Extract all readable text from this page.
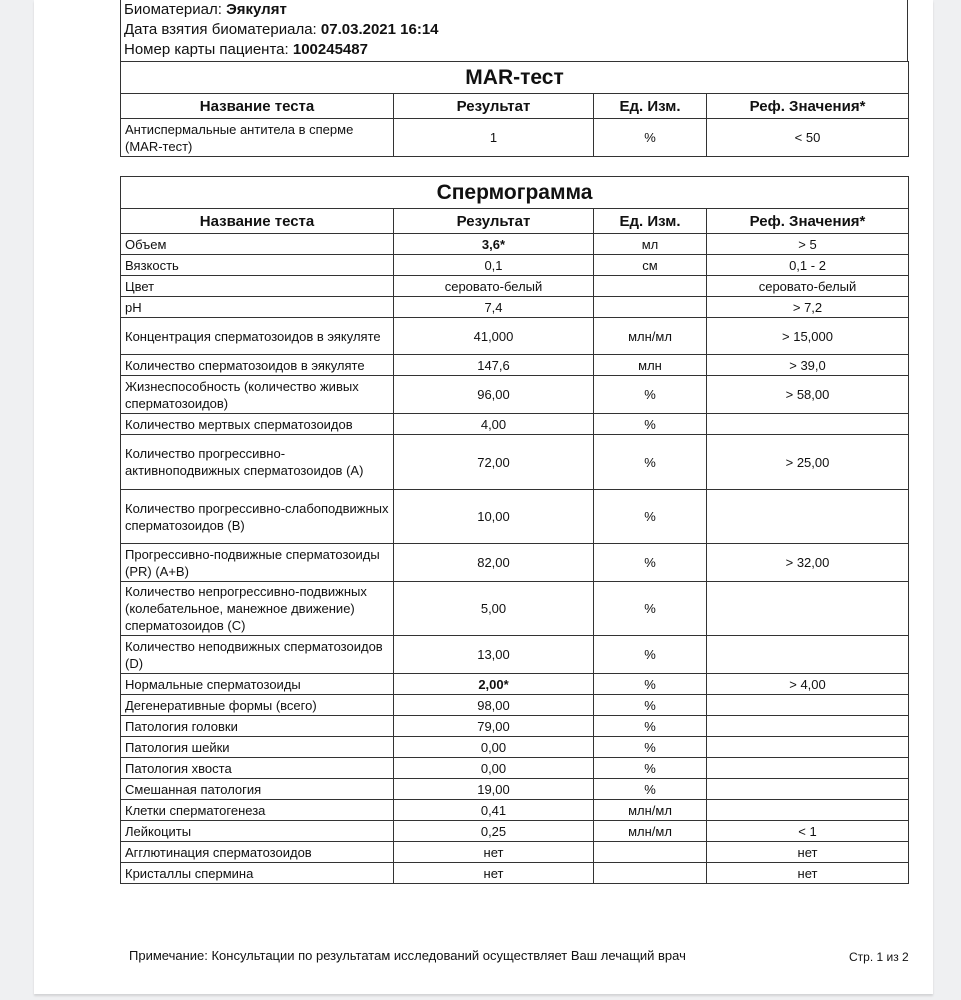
Биоматериал: Эякулят
Дата взятия биоматериала: 07.03.2021 16:14
Номер карты пациента: 100245487
MAR-тест			
Название теста	Результат	Ед. Изм.	Реф. Значения*
Антиспермальные антитела в сперме (MAR-тест)	1	%	< 50
Спермограмма			
Название теста	Результат	Ед. Изм.	Реф. Значения*
Объем	3,6*	мл	> 5
Вязкость	0,1	см	0,1 - 2
Цвет	серовато-белый		серовато-белый
pH	7,4		> 7,2
Концентрация сперматозоидов в эякуляте	41,000	млн/мл	> 15,000
Количество сперматозоидов в эякуляте	147,6	млн	> 39,0
Жизнеспособность (количество живых сперматозоидов)	96,00	%	> 58,00
Количество мертвых сперматозоидов	4,00	%	
Количество прогрессивно-активноподвижных сперматозоидов (A)	72,00	%	> 25,00
Количество прогрессивно-слабоподвижных сперматозоидов (B)	10,00	%	
Прогрессивно-подвижные сперматозоиды (PR) (A+B)	82,00	%	> 32,00
Количество непрогрессивно-подвижных (колебательное, манежное движение) сперматозоидов (C)	5,00	%	
Количество неподвижных сперматозоидов (D)	13,00	%	
Нормальные сперматозоиды	2,00*	%	> 4,00
Дегенеративные формы (всего)	98,00	%	
Патология головки	79,00	%	
Патология шейки	0,00	%	
Патология хвоста	0,00	%	
Смешанная патология	19,00	%	
Клетки сперматогенеза	0,41	млн/мл	
Лейкоциты	0,25	млн/мл	< 1
Агглютинация сперматозоидов	нет		нет
Кристаллы спермина	нет		нет
Примечание: Консультации по результатам исследований осуществляет Ваш лечащий врач	Стр. 1 из 2
